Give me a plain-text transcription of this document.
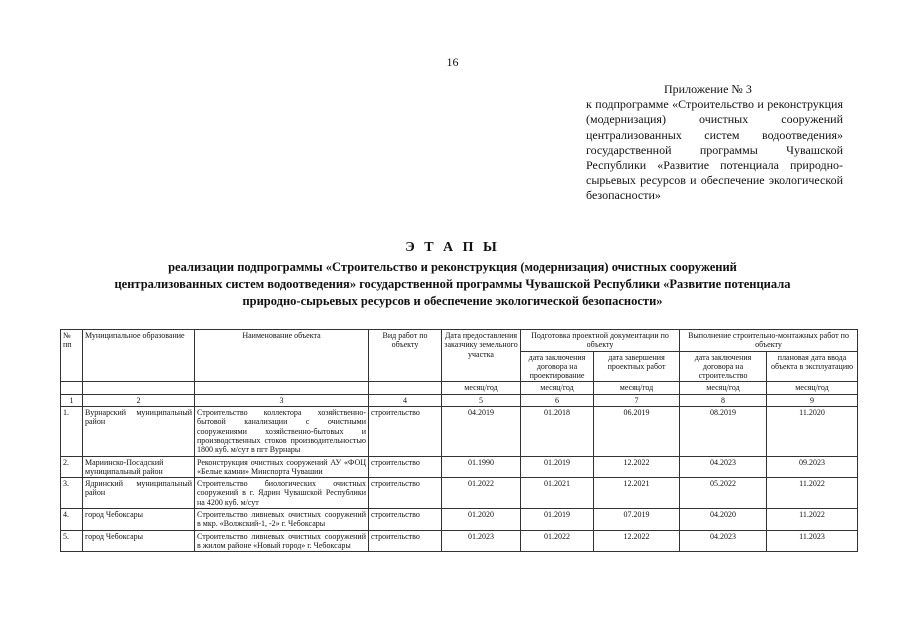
16
Приложение № 3
к подпрограмме «Строительство и реконструкция (модернизация) очистных сооружений централизованных систем водоотведения» государственной программы Чувашской Республики «Развитие потенциала природно-сырьевых ресурсов и обеспечение экологической безопасности»
Э Т А П Ы
реализации подпрограммы «Строительство и реконструкция (модернизация) очистных сооружений
централизованных систем водоотведения» государственной программы Чувашской Республики «Развитие потенциала
природно-сырьевых ресурсов и обеспечение экологической безопасности»
№ пп	Муниципальное образование	Наименование объекта	Вид работ по объекту	Дата предоставления заказчику земельного участка	Подготовка проектной документации по объекту		Выполнение строительно-монтажных работ по объекту	
					дата заключения договора на проектирование	дата завершения проектных работ	дата заключения договора на строительство	плановая дата ввода объекта в эксплуатацию
				месяц/год	месяц/год	месяц/год	месяц/год	месяц/год
1	2	3	4	5	6	7	8	9
1.	Вурнарский муниципальный район	Строительство коллектора хозяйственно-бытовой канализации с очистными сооружениями хозяйственно-бытовых и производственных стоков производительностью 1800 куб. м/сут в пгт Вурнары	строительство	04.2019	01.2018	06.2019	08.2019	11.2020
2.	Мариинско-Посадский муниципальный район	Реконструкция очистных сооружений АУ «ФОЦ «Белые камни» Минспорта Чувашии	строительство	01.1990	01.2019	12.2022	04.2023	09.2023
3.	Ядринский муниципальный район	Строительство биологических очистных сооружений в г. Ядрин Чувашской Республики на 4200 куб. м/сут	строительство	01.2022	01.2021	12.2021	05.2022	11.2022
4.	город Чебоксары	Строительство ливневых очистных сооружений в мкр. «Волжский-1, -2» г. Чебоксары	строительство	01.2020	01.2019	07.2019	04.2020	11.2022
5.	город Чебоксары	Строительство ливневых очистных сооружений в жилом районе «Новый город» г. Чебоксары	строительство	01.2023	01.2022	12.2022	04.2023	11.2023
